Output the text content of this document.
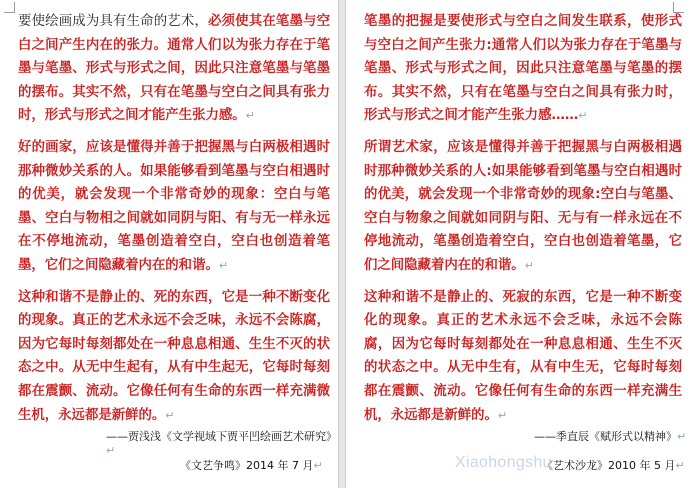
要使绘画成为具有生命的艺术，必须使其在笔墨与空白之间产生内在的张力。通常人们以为张力存在于笔墨与笔墨、形式与形式之间，因此只注意笔墨与笔墨的摆布。其实不然，只有在笔墨与空白之间具有张力时，形式与形式之间才能产生张力感。↵

好的画家，应该是懂得并善于把握黑与白两极相遇时那种微妙关系的人。如果能够看到笔墨与空白相遇时的优美，就会发现一个非常奇妙的现象：空白与笔墨、空白与物相之间就如同阴与阳、有与无一样永远在不停地流动，笔墨创造着空白，空白也创造着笔墨，它们之间隐藏着内在的和谐。↵

这种和谐不是静止的、死的东西，它是一种不断变化的现象。真正的艺术永远不会乏味，永远不会陈腐，因为它每时每刻都处在一种息息相通、生生不灭的状态之中。从无中生起有，从有中生起无，它每时每刻都在震颤、流动。它像任何有生命的东西一样充满微生机，永远都是新鲜的。↵

——贾浅浅《文学视域下贾平凹绘画艺术研究》↵
《文艺争鸣》2014 年 7 月↵

笔墨的把握是要使形式与空白之间发生联系，使形式与空白之间产生张力:通常人们以为张力存在于笔墨与笔墨、形式与形式之间，因此只注意笔墨与笔墨的摆布。其实不然，只有在笔墨与空白之间具有张力时，形式与形式之间才能产生张力感……↵

所谓艺术家，应该是懂得并善于把握黑与白两极相遇时那种微妙关系的人:如果能够看到笔墨与空白相遇时的优美，就会发现一个非常奇妙的现象:空白与笔墨、空白与物象之间就如同阴与阳、无与有一样永远在不停地流动，笔墨创造着空白，空白也创造着笔墨，它们之间隐藏着内在的和谐。↵

这种和谐不是静止的、死寂的东西，它是一种不断变化的现象。真正的艺术永远不会乏味，永远不会陈腐，因为它每时每刻都处在一种息息相通、生生不灭的状态之中。从无中生有，从有中生无，它每时每刻都在震颤、流动。它像任何有生命的东西一样充满生机，永远都是新鲜的。↵

——季直辰《赋形式以精神》↵
《艺术沙龙》2010 年 5 月↵
Xiaohongshu
